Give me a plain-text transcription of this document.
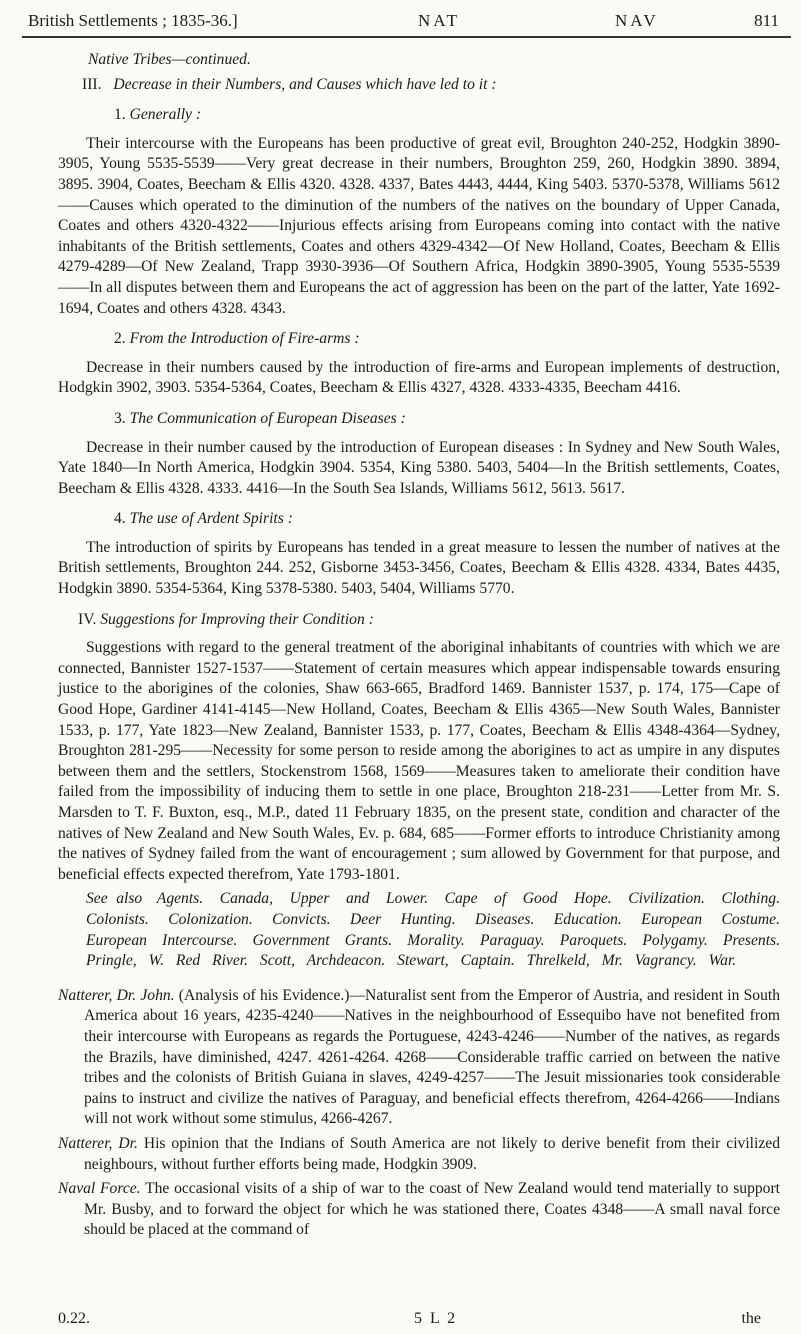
British Settlements ; 1835-36.]	NAT	NAV	811
Native Tribes—continued.
III. Decrease in their Numbers, and Causes which have led to it :
1. Generally :

Their intercourse with the Europeans has been productive of great evil, Broughton 240-252, Hodgkin 3890-3905, Young 5535-5539——Very great decrease in their numbers, Broughton 259, 260, Hodgkin 3890. 3894, 3895. 3904, Coates, Beecham & Ellis 4320. 4328. 4337, Bates 4443, 4444, King 5403. 5370-5378, Williams 5612——Causes which operated to the diminution of the numbers of the natives on the boundary of Upper Canada, Coates and others 4320-4322——Injurious effects arising from Europeans coming into contact with the native inhabitants of the British settlements, Coates and others 4329-4342—Of New Holland, Coates, Beecham & Ellis 4279-4289—Of New Zealand, Trapp 3930-3936—Of Southern Africa, Hodgkin 3890-3905, Young 5535-5539——In all disputes between them and Europeans the act of aggression has been on the part of the latter, Yate 1692-1694, Coates and others 4328. 4343.

2. From the Introduction of Fire-arms :

Decrease in their numbers caused by the introduction of fire-arms and European implements of destruction, Hodgkin 3902, 3903. 5354-5364, Coates, Beecham & Ellis 4327, 4328. 4333-4335, Beecham 4416.

3. The Communication of European Diseases :

Decrease in their number caused by the introduction of European diseases : In Sydney and New South Wales, Yate 1840—In North America, Hodgkin 3904. 5354, King 5380. 5403, 5404—In the British settlements, Coates, Beecham & Ellis 4328. 4333. 4416—In the South Sea Islands, Williams 5612, 5613. 5617.

4. The use of Ardent Spirits :

The introduction of spirits by Europeans has tended in a great measure to lessen the number of natives at the British settlements, Broughton 244. 252, Gisborne 3453-3456, Coates, Beecham & Ellis 4328. 4334, Bates 4435, Hodgkin 3890. 5354-5364, King 5378-5380. 5403, 5404, Williams 5770.

IV. Suggestions for Improving their Condition :

Suggestions with regard to the general treatment of the aboriginal inhabitants of countries with which we are connected, Bannister 1527-1537——Statement of certain measures which appear indispensable towards ensuring justice to the aborigines of the colonies, Shaw 663-665, Bradford 1469. Bannister 1537, p. 174, 175—Cape of Good Hope, Gardiner 4141-4145—New Holland, Coates, Beecham & Ellis 4365—New South Wales, Bannister 1533, p. 177, Yate 1823—New Zealand, Bannister 1533, p. 177, Coates, Beecham & Ellis 4348-4364—Sydney, Broughton 281-295——Necessity for some person to reside among the aborigines to act as umpire in any disputes between them and the settlers, Stockenstrom 1568, 1569——Measures taken to ameliorate their condition have failed from the impossibility of inducing them to settle in one place, Broughton 218-231——Letter from Mr. S. Marsden to T. F. Buxton, esq., M.P., dated 11 February 1835, on the present state, condition and character of the natives of New Zealand and New South Wales, Ev. p. 684, 685——Former efforts to introduce Christianity among the natives of Sydney failed from the want of encouragement ; sum allowed by Government for that purpose, and beneficial effects expected therefrom, Yate 1793-1801.

See also Agents. Canada, Upper and Lower. Cape of Good Hope. Civilization. Clothing. Colonists. Colonization. Convicts. Deer Hunting. Diseases. Education. European Costume. European Intercourse. Government Grants. Morality. Paraguay. Paroquets. Polygamy. Presents. Pringle, W. Red River. Scott, Archdeacon. Stewart, Captain. Threlkeld, Mr. Vagrancy. War.

Natterer, Dr. John. (Analysis of his Evidence.)—Naturalist sent from the Emperor of Austria, and resident in South America about 16 years, 4235-4240——Natives in the neighbourhood of Essequibo have not benefited from their intercourse with Europeans as regards the Portuguese, 4243-4246——Number of the natives, as regards the Brazils, have diminished, 4247. 4261-4264. 4268——Considerable traffic carried on between the native tribes and the colonists of British Guiana in slaves, 4249-4257——The Jesuit missionaries took considerable pains to instruct and civilize the natives of Paraguay, and beneficial effects therefrom, 4264-4266——Indians will not work without some stimulus, 4266-4267.

Natterer, Dr. His opinion that the Indians of South America are not likely to derive benefit from their civilized neighbours, without further efforts being made, Hodgkin 3909.

Naval Force. The occasional visits of a ship of war to the coast of New Zealand would tend materially to support Mr. Busby, and to forward the object for which he was stationed there, Coates 4348——A small naval force should be placed at the command of

0.22.	5 L 2	the
